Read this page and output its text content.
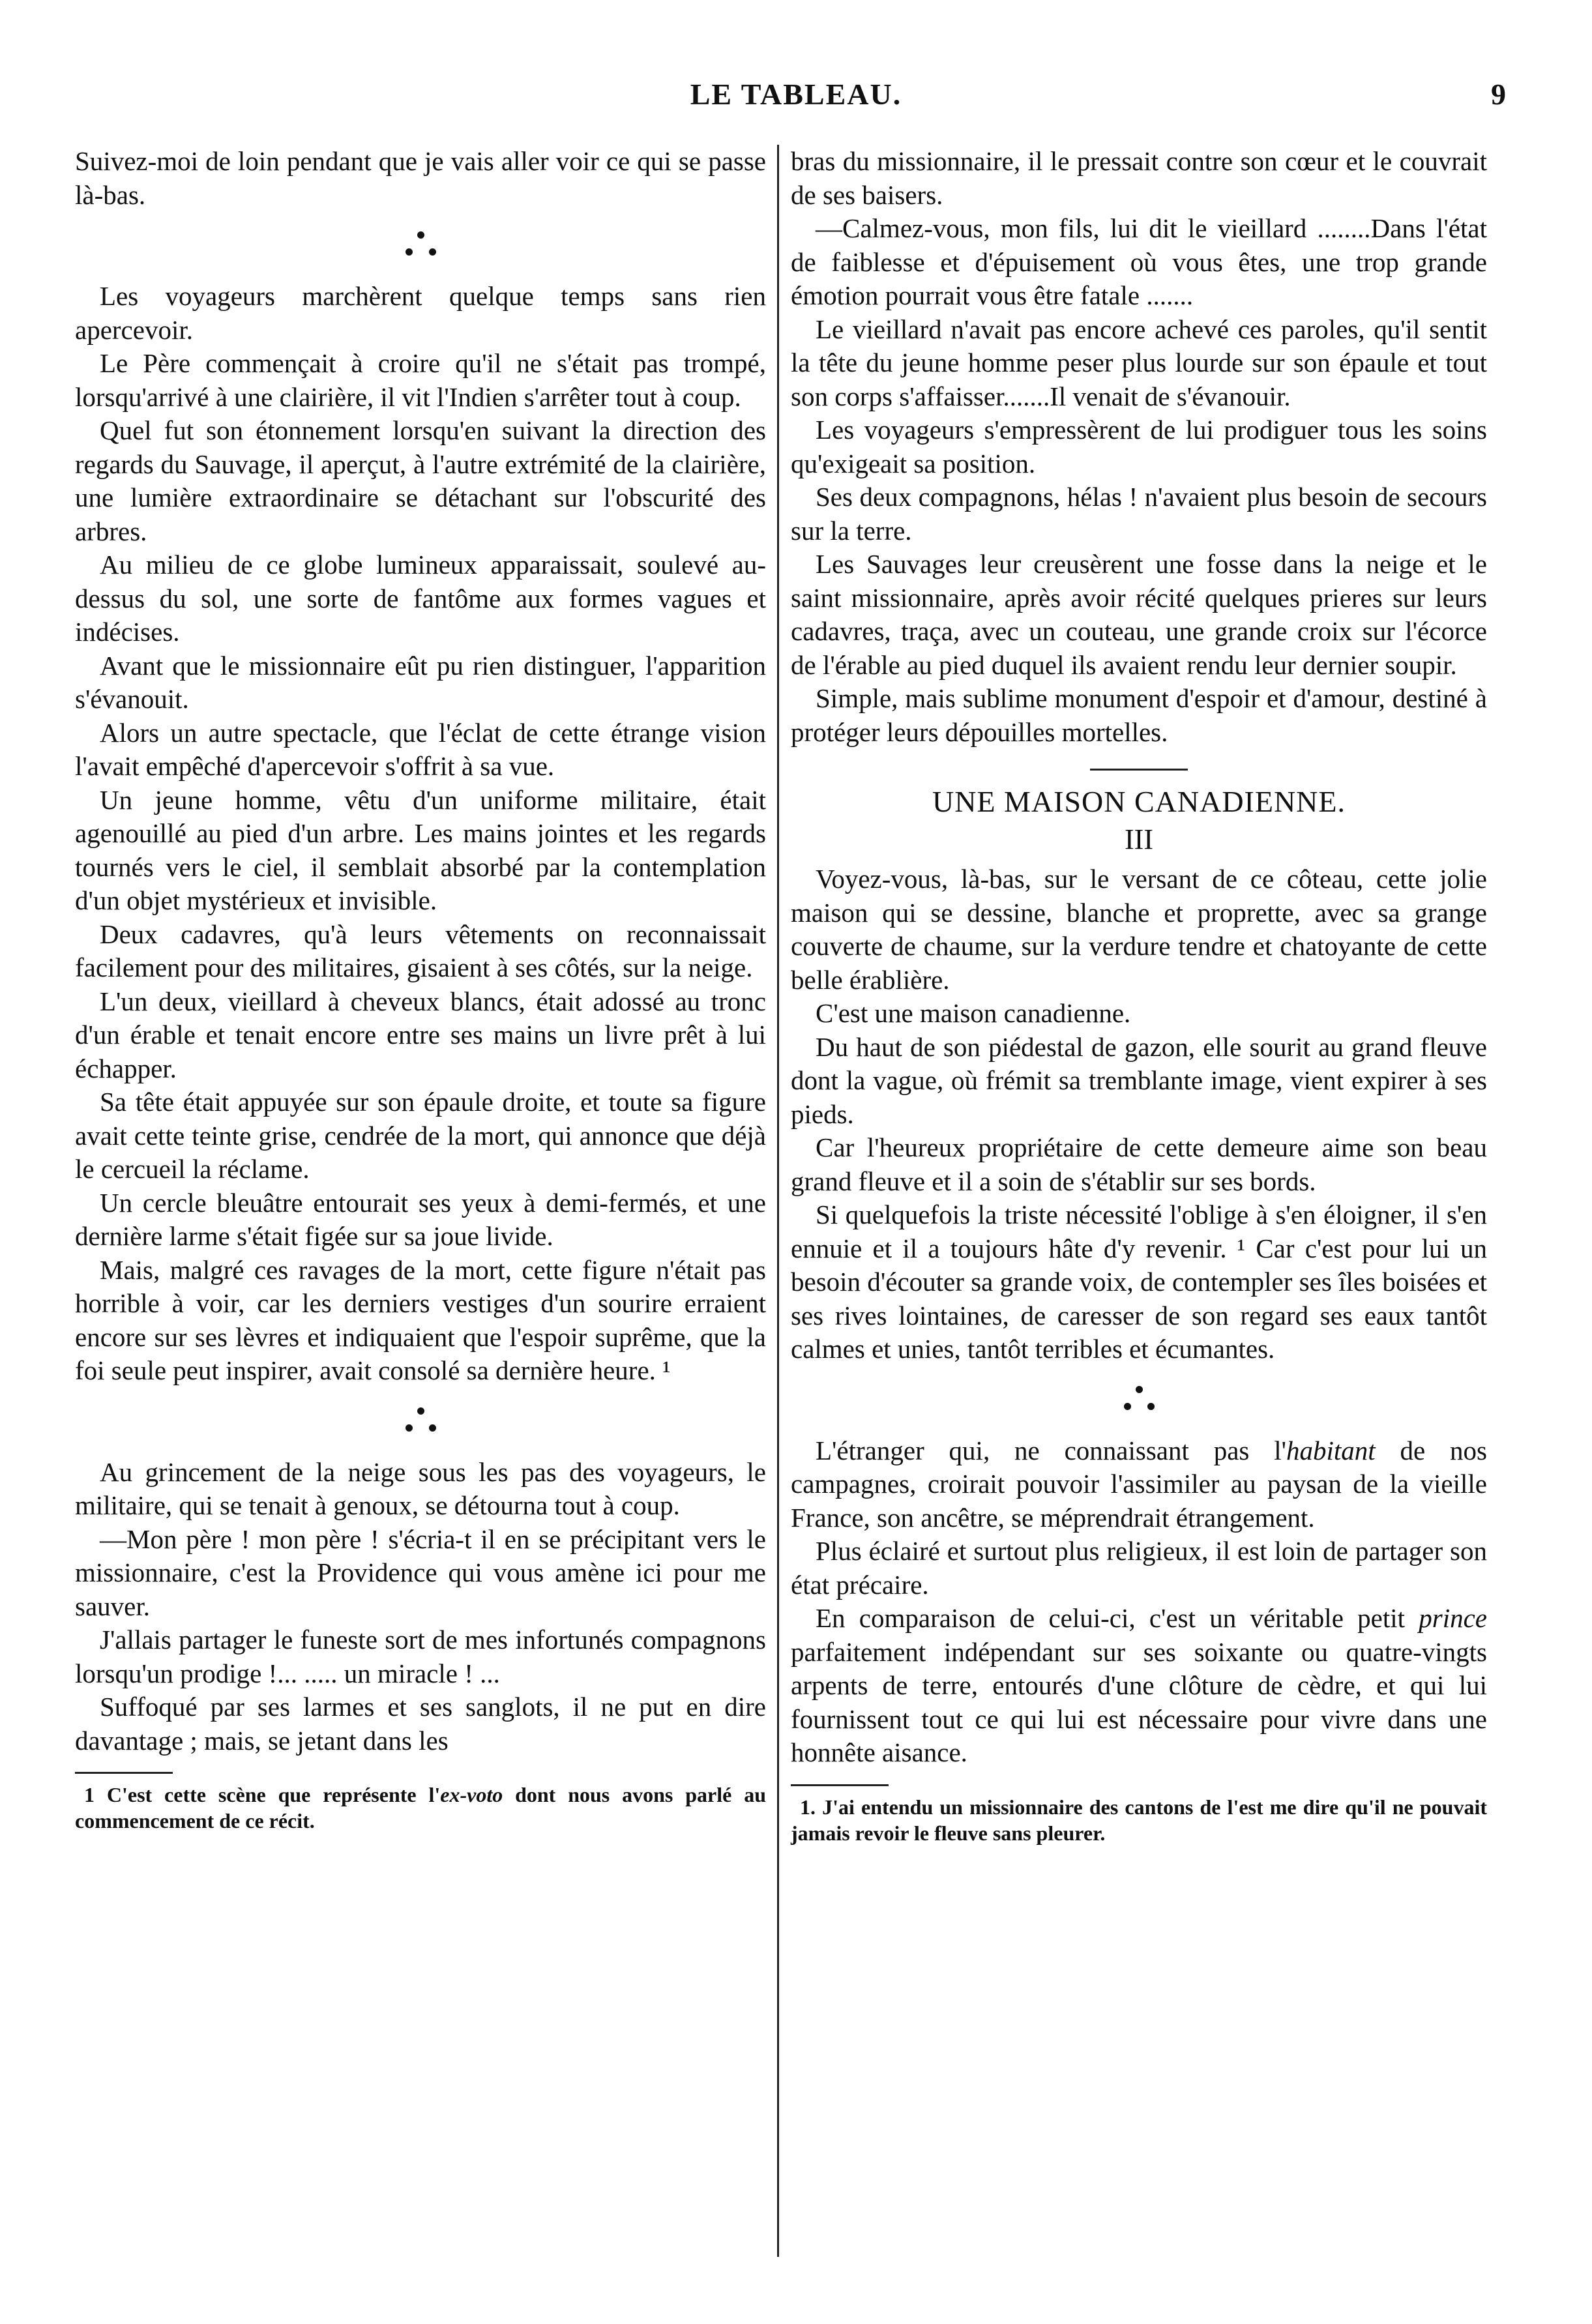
LE TABLEAU.	9

Suivez-moi de loin pendant que je vais aller voir ce qui se passe là-bas.

Les voyageurs marchèrent quelque temps sans rien apercevoir.

Le Père commençait à croire qu'il ne s'était pas trompé, lorsqu'arrivé à une clairière, il vit l'Indien s'arrêter tout à coup.

Quel fut son étonnement lorsqu'en suivant la direction des regards du Sauvage, il aperçut, à l'autre extrémité de la clairière, une lumière extraordinaire se détachant sur l'obscurité des arbres.

Au milieu de ce globe lumineux apparaissait, soulevé au-dessus du sol, une sorte de fantôme aux formes vagues et indécises.

Avant que le missionnaire eût pu rien distinguer, l'apparition s'évanouit.

Alors un autre spectacle, que l'éclat de cette étrange vision l'avait empêché d'apercevoir s'offrit à sa vue.

Un jeune homme, vêtu d'un uniforme militaire, était agenouillé au pied d'un arbre. Les mains jointes et les regards tournés vers le ciel, il semblait absorbé par la contemplation d'un objet mystérieux et invisible.

Deux cadavres, qu'à leurs vêtements on reconnaissait facilement pour des militaires, gisaient à ses côtés, sur la neige.

L'un deux, vieillard à cheveux blancs, était adossé au tronc d'un érable et tenait encore entre ses mains un livre prêt à lui échapper.

Sa tête était appuyée sur son épaule droite, et toute sa figure avait cette teinte grise, cendrée de la mort, qui annonce que déjà le cercueil la réclame.

Un cercle bleuâtre entourait ses yeux à demi-fermés, et une dernière larme s'était figée sur sa joue livide.

Mais, malgré ces ravages de la mort, cette figure n'était pas horrible à voir, car les derniers vestiges d'un sourire erraient encore sur ses lèvres et indiquaient que l'espoir suprême, que la foi seule peut inspirer, avait consolé sa dernière heure. ¹

Au grincement de la neige sous les pas des voyageurs, le militaire, qui se tenait à genoux, se détourna tout à coup.

—Mon père ! mon père ! s'écria-t il en se précipitant vers le missionnaire, c'est la Providence qui vous amène ici pour me sauver.

J'allais partager le funeste sort de mes infortunés compagnons lorsqu'un prodige !... ..... un miracle ! ...

Suffoqué par ses larmes et ses sanglots, il ne put en dire davantage ; mais, se jetant dans les

1 C'est cette scène que représente l'ex-voto dont nous avons parlé au commencement de ce récit.

bras du missionnaire, il le pressait contre son cœur et le couvrait de ses baisers.

—Calmez-vous, mon fils, lui dit le vieillard ........Dans l'état de faiblesse et d'épuisement où vous êtes, une trop grande émotion pourrait vous être fatale .......

Le vieillard n'avait pas encore achevé ces paroles, qu'il sentit la tête du jeune homme peser plus lourde sur son épaule et tout son corps s'affaisser.......Il venait de s'évanouir.

Les voyageurs s'empressèrent de lui prodiguer tous les soins qu'exigeait sa position.

Ses deux compagnons, hélas ! n'avaient plus besoin de secours sur la terre.

Les Sauvages leur creusèrent une fosse dans la neige et le saint missionnaire, après avoir récité quelques prieres sur leurs cadavres, traça, avec un couteau, une grande croix sur l'écorce de l'érable au pied duquel ils avaient rendu leur dernier soupir.

Simple, mais sublime monument d'espoir et d'amour, destiné à protéger leurs dépouilles mortelles.

UNE MAISON CANADIENNE.

III

Voyez-vous, là-bas, sur le versant de ce côteau, cette jolie maison qui se dessine, blanche et proprette, avec sa grange couverte de chaume, sur la verdure tendre et chatoyante de cette belle érablière.

C'est une maison canadienne.

Du haut de son piédestal de gazon, elle sourit au grand fleuve dont la vague, où frémit sa tremblante image, vient expirer à ses pieds.

Car l'heureux propriétaire de cette demeure aime son beau grand fleuve et il a soin de s'établir sur ses bords.

Si quelquefois la triste nécessité l'oblige à s'en éloigner, il s'en ennuie et il a toujours hâte d'y revenir. ¹ Car c'est pour lui un besoin d'écouter sa grande voix, de contempler ses îles boisées et ses rives lointaines, de caresser de son regard ses eaux tantôt calmes et unies, tantôt terribles et écumantes.

L'étranger qui, ne connaissant pas l'habitant de nos campagnes, croirait pouvoir l'assimiler au paysan de la vieille France, son ancêtre, se méprendrait étrangement.

Plus éclairé et surtout plus religieux, il est loin de partager son état précaire.

En comparaison de celui-ci, c'est un véritable petit prince parfaitement indépendant sur ses soixante ou quatre-vingts arpents de terre, entourés d'une clôture de cèdre, et qui lui fournissent tout ce qui lui est nécessaire pour vivre dans une honnête aisance.

1. J'ai entendu un missionnaire des cantons de l'est me dire qu'il ne pouvait jamais revoir le fleuve sans pleurer.
